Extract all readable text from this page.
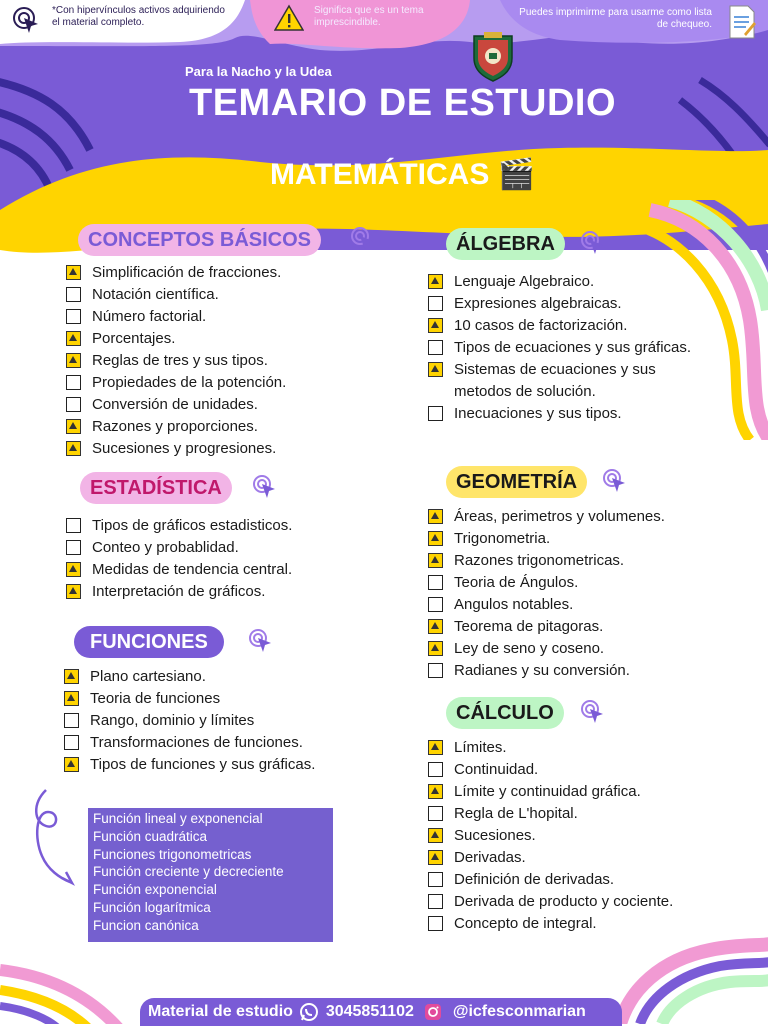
*Con hipervínculos activos adquiriendo el material completo.
Significa que es un tema imprescindible.
Puedes imprimirme para usarme como lista de chequeo.
Para la Nacho y la Udea
TEMARIO DE ESTUDIO
MATEMÁTICAS 🎬
CONCEPTOS BÁSICOS
Simplificación de fracciones.
Notación científica.
Número factorial.
Porcentajes.
Reglas de tres y sus tipos.
Propiedades de la potención.
Conversión de unidades.
Razones y proporciones.
Sucesiones y progresiones.
ESTADÍSTICA
Tipos de gráficos estadisticos.
Conteo y probablidad.
Medidas de tendencia central.
Interpretación de gráficos.
FUNCIONES
Plano cartesiano.
Teoria de funciones
Rango, dominio y límites
Transformaciones de funciones.
Tipos de funciones y sus gráficas.
Función lineal y exponencial
Función cuadrática
Funciones trigonometricas
Función creciente y decreciente
Función exponencial
Función logarítmica
Funcion canónica
ÁLGEBRA
Lenguaje Algebraico.
Expresiones algebraicas.
10 casos de factorización.
Tipos de ecuaciones y sus gráficas.
Sistemas de ecuaciones y sus metodos de solución.
Inecuaciones y sus tipos.
GEOMETRÍA
Áreas, perimetros y volumenes.
Trigonometria.
Razones trigonometricas.
Teoria de Ángulos.
Angulos notables.
Teorema de pitagoras.
Ley de seno y coseno.
Radianes y su conversión.
CÁLCULO
Límites.
Continuidad.
Límite y continuidad gráfica.
Regla de L'hopital.
Sucesiones.
Derivadas.
Definición de derivadas.
Derivada de producto y cociente.
Concepto de integral.
Material de estudio 3045851102 @icfesconmarian
